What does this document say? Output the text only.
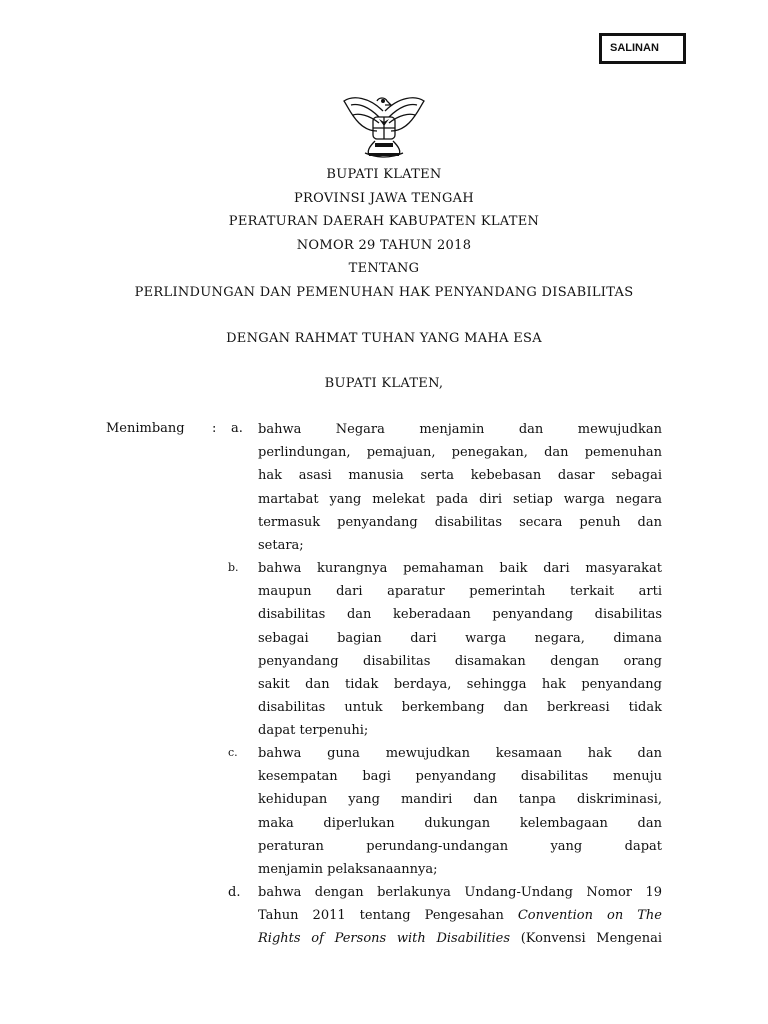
SALINAN
BUPATI KLATEN
PROVINSI JAWA TENGAH
PERATURAN DAERAH KABUPATEN KLATEN
NOMOR 29 TAHUN 2018
TENTANG
PERLINDUNGAN DAN PEMENUHAN HAK PENYANDANG DISABILITAS
DENGAN RAHMAT TUHAN YANG MAHA ESA
BUPATI KLATEN,
Menimbang : a. bahwa Negara menjamin dan mewujudkan
perlindungan, pemajuan, penegakan, dan pemenuhan
hak asasi manusia serta kebebasan dasar sebagai
martabat yang melekat pada diri setiap warga negara
termasuk penyandang disabilitas secara penuh dan
setara;
b. bahwa kurangnya pemahaman baik dari masyarakat
maupun dari aparatur pemerintah terkait arti
disabilitas dan keberadaan penyandang disabilitas
sebagai bagian dari warga negara, dimana
penyandang disabilitas disamakan dengan orang
sakit dan tidak berdaya, sehingga hak penyandang
disabilitas untuk berkembang dan berkreasi tidak
dapat terpenuhi;
c. bahwa guna mewujudkan kesamaan hak dan
kesempatan bagi penyandang disabilitas menuju
kehidupan yang mandiri dan tanpa diskriminasi,
maka diperlukan dukungan kelembagaan dan
peraturan perundang-undangan yang dapat
menjamin pelaksanaannya;
d. bahwa dengan berlakunya Undang-Undang Nomor 19
Tahun 2011 tentang Pengesahan Convention on The
Rights of Persons with Disabilities (Konvensi Mengenai
